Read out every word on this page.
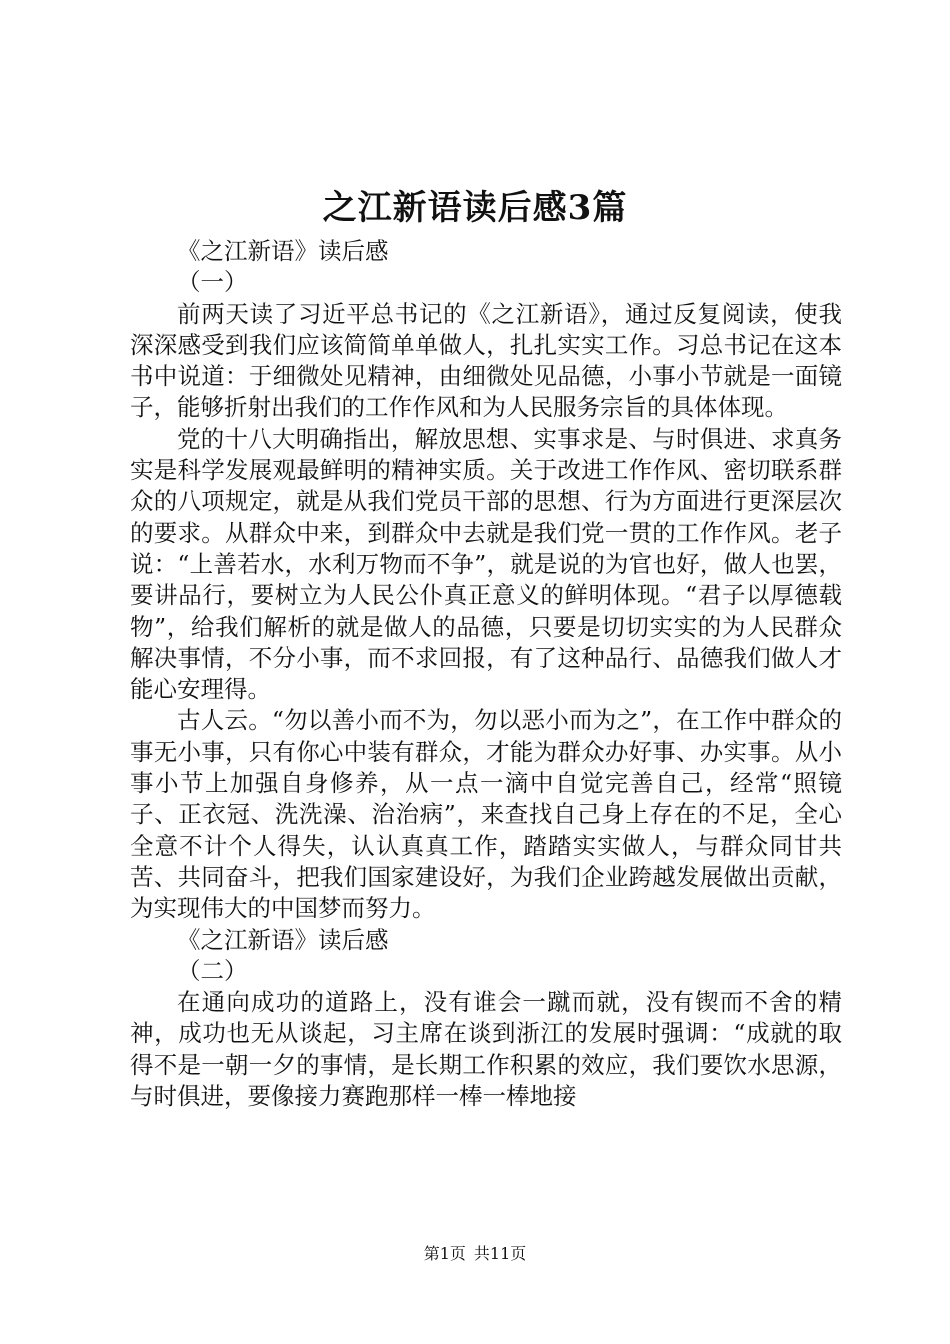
之江新语读后感3篇

《之江新语》读后感

（一）

前两天读了习近平总书记的《之江新语》，通过反复阅读，使我深深感受到我们应该简简单单做人，扎扎实实工作。习总书记在这本书中说道：于细微处见精神，由细微处见品德，小事小节就是一面镜子，能够折射出我们的工作作风和为人民服务宗旨的具体体现。

党的十八大明确指出，解放思想、实事求是、与时俱进、求真务实是科学发展观最鲜明的精神实质。关于改进工作作风、密切联系群众的八项规定，就是从我们党员干部的思想、行为方面进行更深层次的要求。从群众中来，到群众中去就是我们党一贯的工作作风。老子说：“上善若水，水利万物而不争”，就是说的为官也好，做人也罢，要讲品行，要树立为人民公仆真正意义的鲜明体现。“君子以厚德载物”，给我们解析的就是做人的品德，只要是切切实实的为人民群众解决事情，不分小事，而不求回报，有了这种品行、品德我们做人才能心安理得。

古人云。“勿以善小而不为，勿以恶小而为之”，在工作中群众的事无小事，只有你心中装有群众，才能为群众办好事、办实事。从小事小节上加强自身修养，从一点一滴中自觉完善自己，经常“照镜子、正衣冠、洗洗澡、治治病”，来查找自己身上存在的不足，全心全意不计个人得失，认认真真工作，踏踏实实做人，与群众同甘共苦、共同奋斗，把我们国家建设好，为我们企业跨越发展做出贡献，为实现伟大的中国梦而努力。

《之江新语》读后感

（二）

在通向成功的道路上，没有谁会一蹴而就，没有锲而不舍的精神，成功也无从谈起，习主席在谈到浙江的发展时强调：“成就的取得不是一朝一夕的事情，是长期工作积累的效应，我们要饮水思源，与时俱进，要像接力赛跑那样一棒一棒地接

第1页 共11页
